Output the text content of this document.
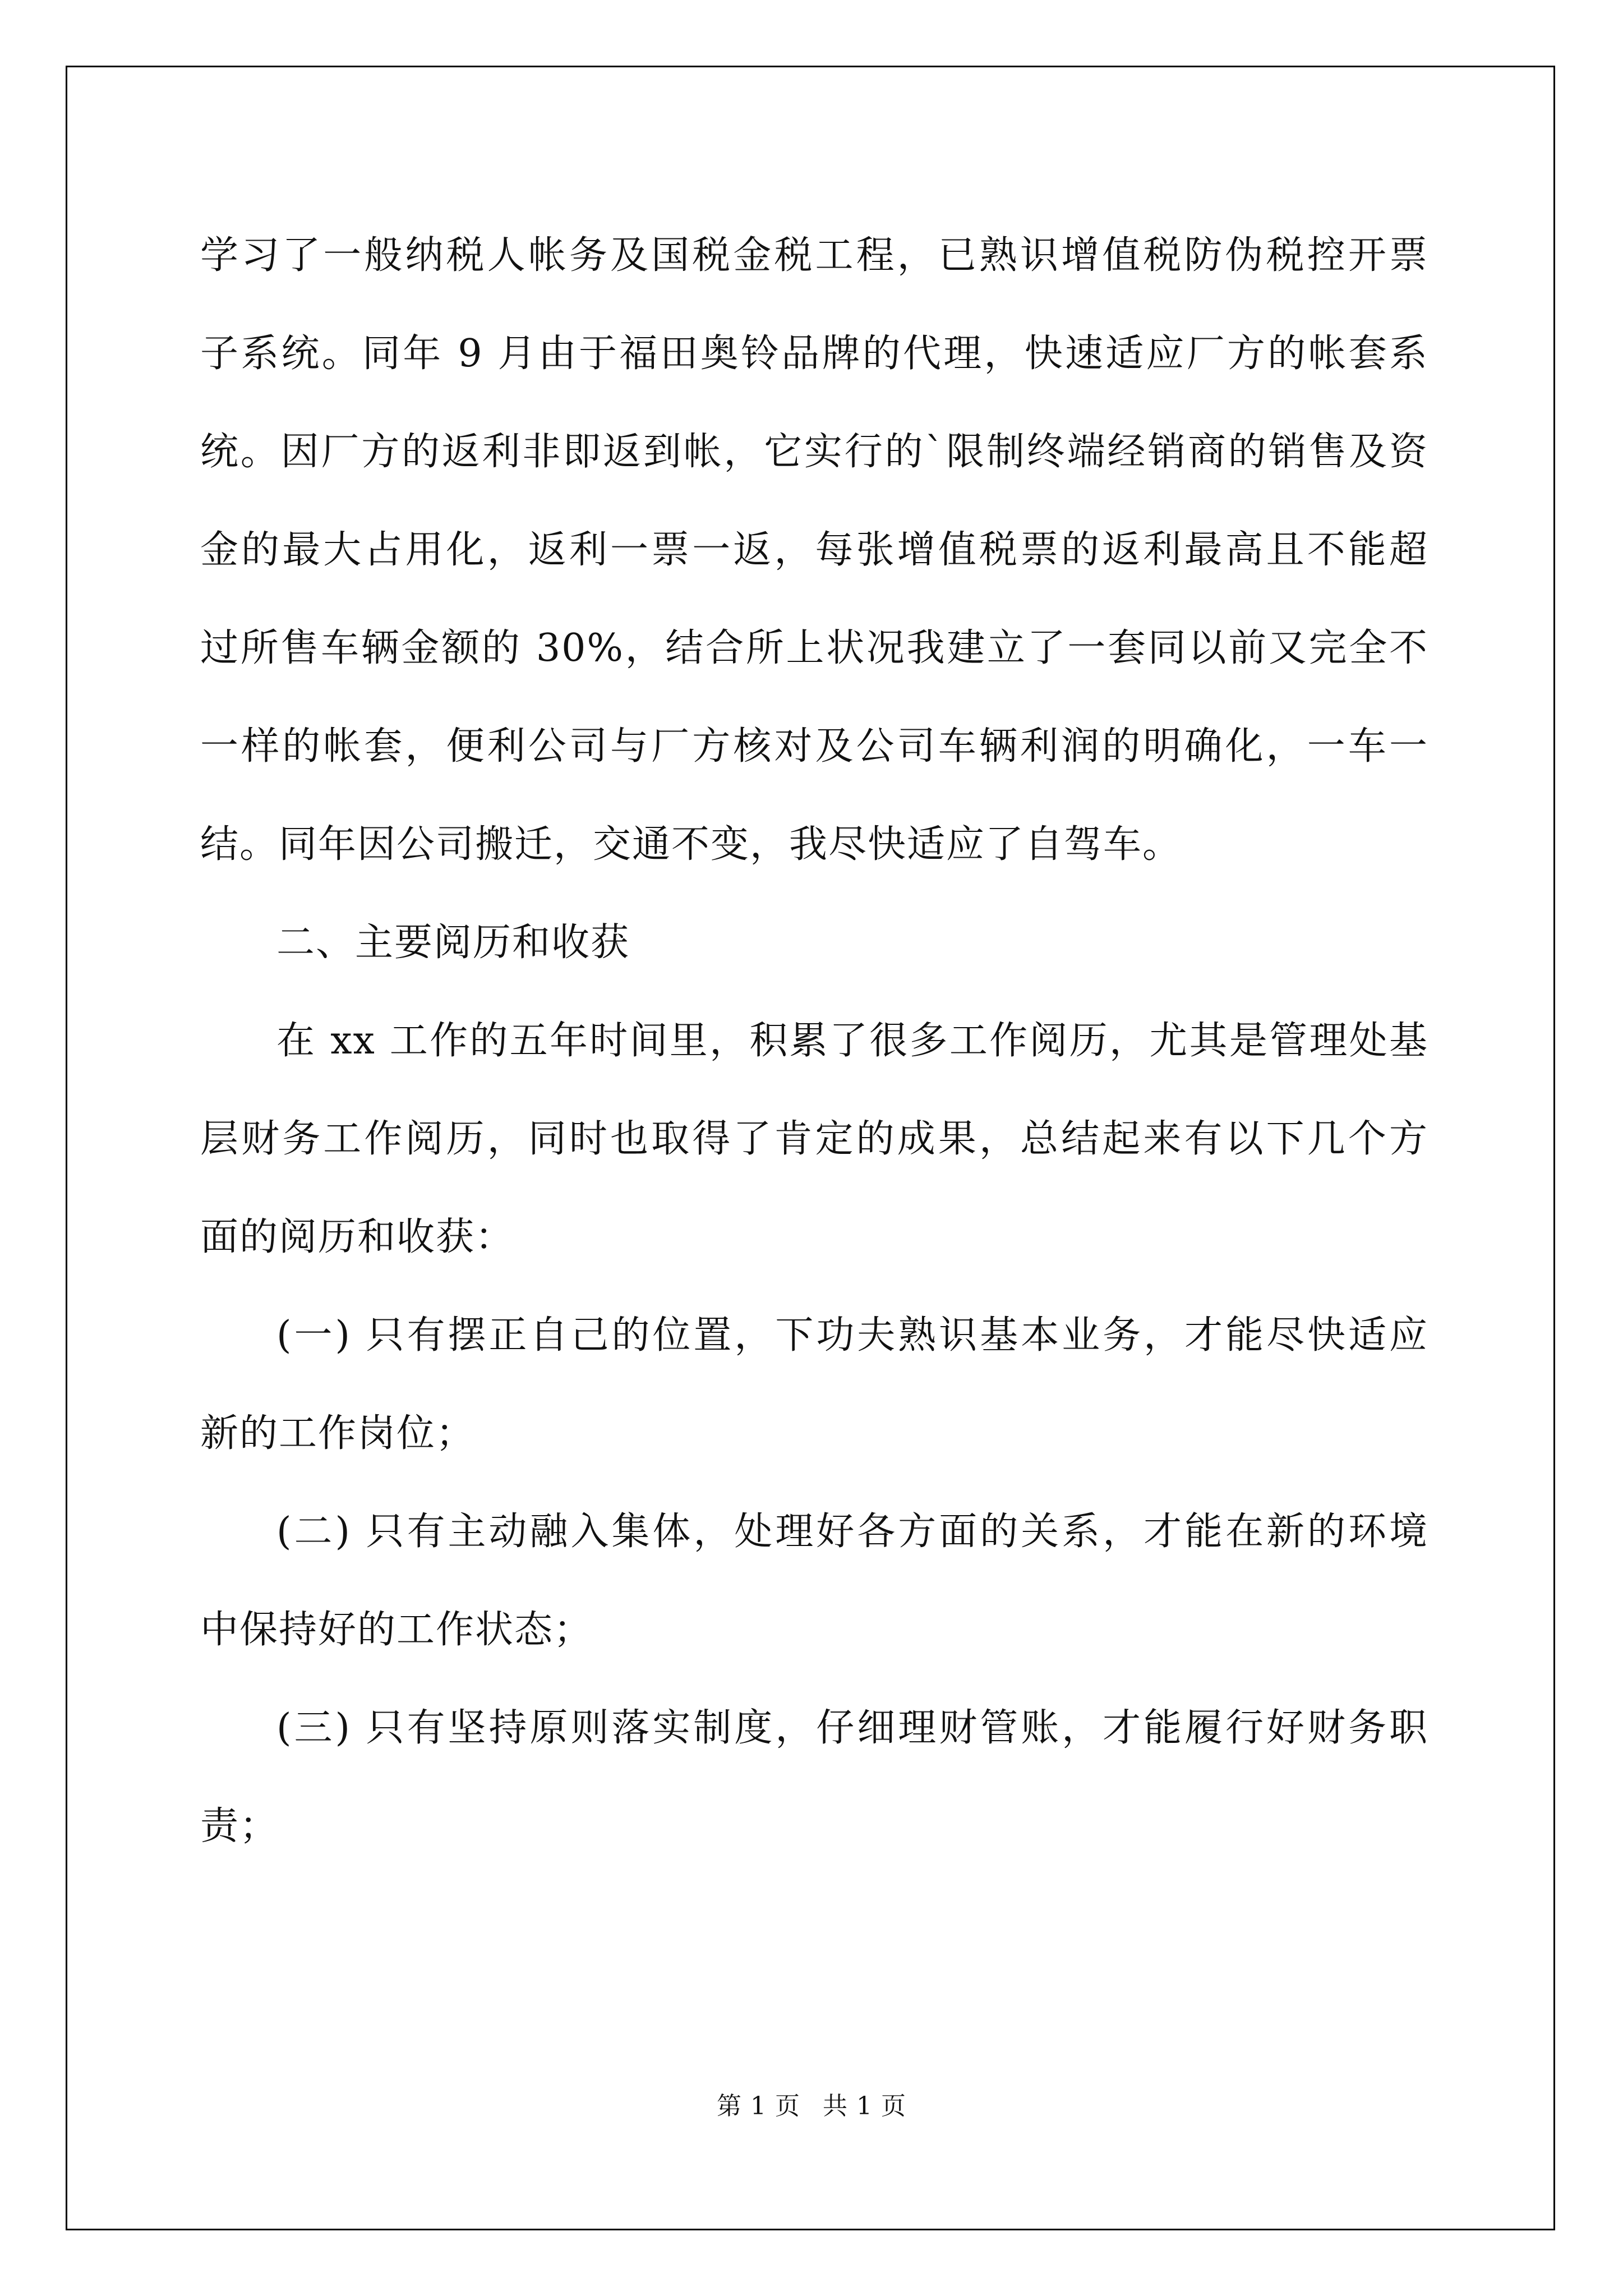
学习了一般纳税人帐务及国税金税工程，已熟识增值税防伪税控开票
子系统。同年 9 月由于福田奥铃品牌的代理，快速适应厂方的帐套系
统。因厂方的返利非即返到帐，它实行的`限制终端经销商的销售及资
金的最大占用化，返利一票一返，每张增值税票的返利最高且不能超
过所售车辆金额的 30%，结合所上状况我建立了一套同以前又完全不
一样的帐套，便利公司与厂方核对及公司车辆利润的明确化，一车一
结。同年因公司搬迁，交通不变，我尽快适应了自驾车。
二、主要阅历和收获
在 xx 工作的五年时间里，积累了很多工作阅历，尤其是管理处基
层财务工作阅历，同时也取得了肯定的成果，总结起来有以下几个方
面的阅历和收获：
(一) 只有摆正自己的位置，下功夫熟识基本业务，才能尽快适应
新的工作岗位；
(二) 只有主动融入集体，处理好各方面的关系，才能在新的环境
中保持好的工作状态；
(三) 只有坚持原则落实制度，仔细理财管账，才能履行好财务职
责；
第 1 页 共 1 页
